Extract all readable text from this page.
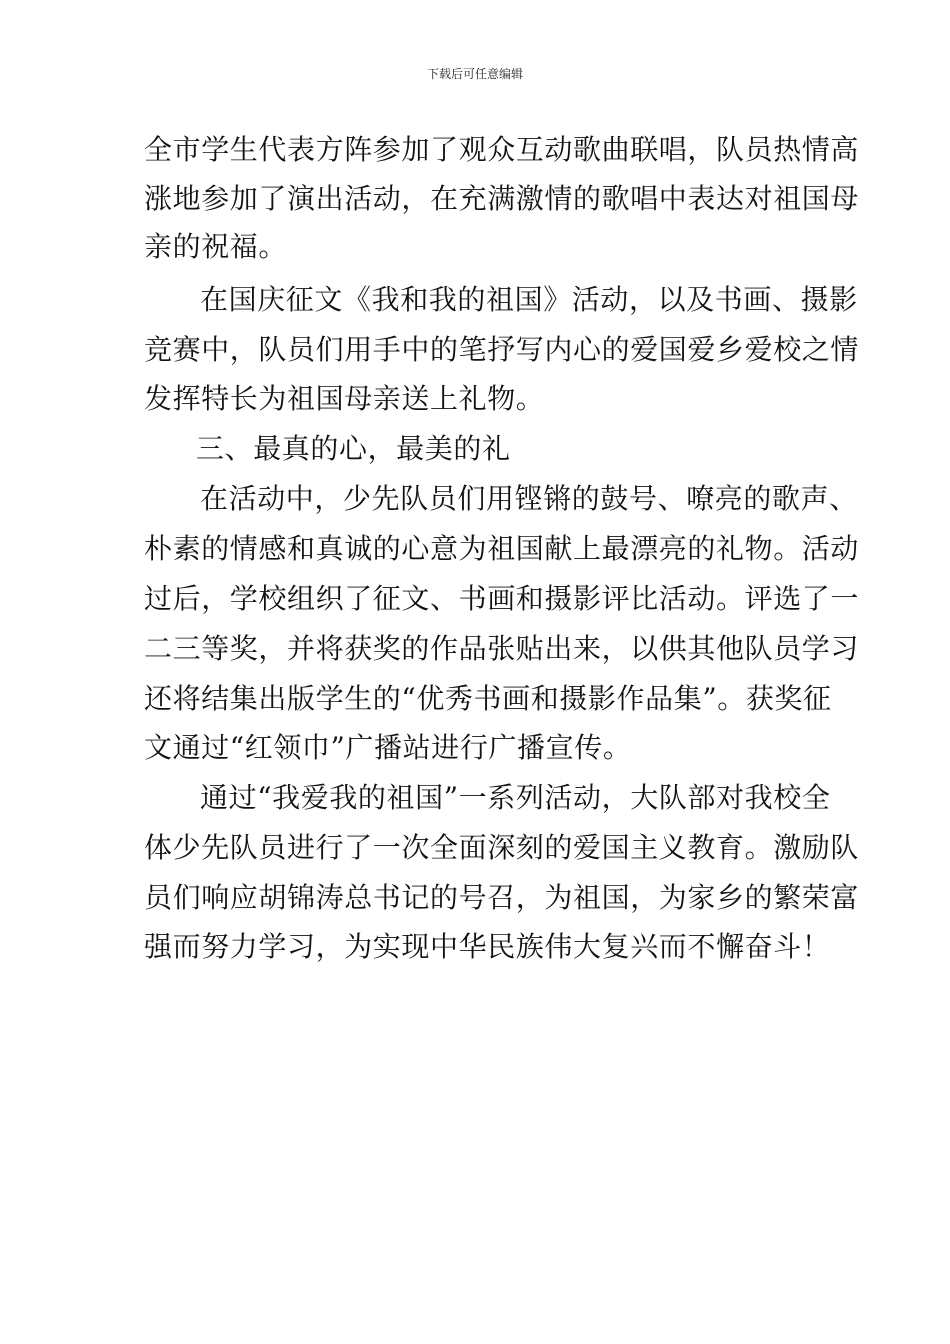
下载后可任意编辑
全市学生代表方阵参加了观众互动歌曲联唱，队员热情高
涨地参加了演出活动，在充满激情的歌唱中表达对祖国母
亲的祝福。
在国庆征文《我和我的祖国》活动，以及书画、摄影
竞赛中，队员们用手中的笔抒写内心的爱国爱乡爱校之情
发挥特长为祖国母亲送上礼物。
三、最真的心，最美的礼
在活动中，少先队员们用铿锵的鼓号、嘹亮的歌声、
朴素的情感和真诚的心意为祖国献上最漂亮的礼物。活动
过后，学校组织了征文、书画和摄影评比活动。评选了一
二三等奖，并将获奖的作品张贴出来，以供其他队员学习
还将结集出版学生的“优秀书画和摄影作品集”。获奖征
文通过“红领巾”广播站进行广播宣传。
通过“我爱我的祖国”一系列活动，大队部对我校全
体少先队员进行了一次全面深刻的爱国主义教育。激励队
员们响应胡锦涛总书记的号召，为祖国，为家乡的繁荣富
强而努力学习，为实现中华民族伟大复兴而不懈奋斗！
